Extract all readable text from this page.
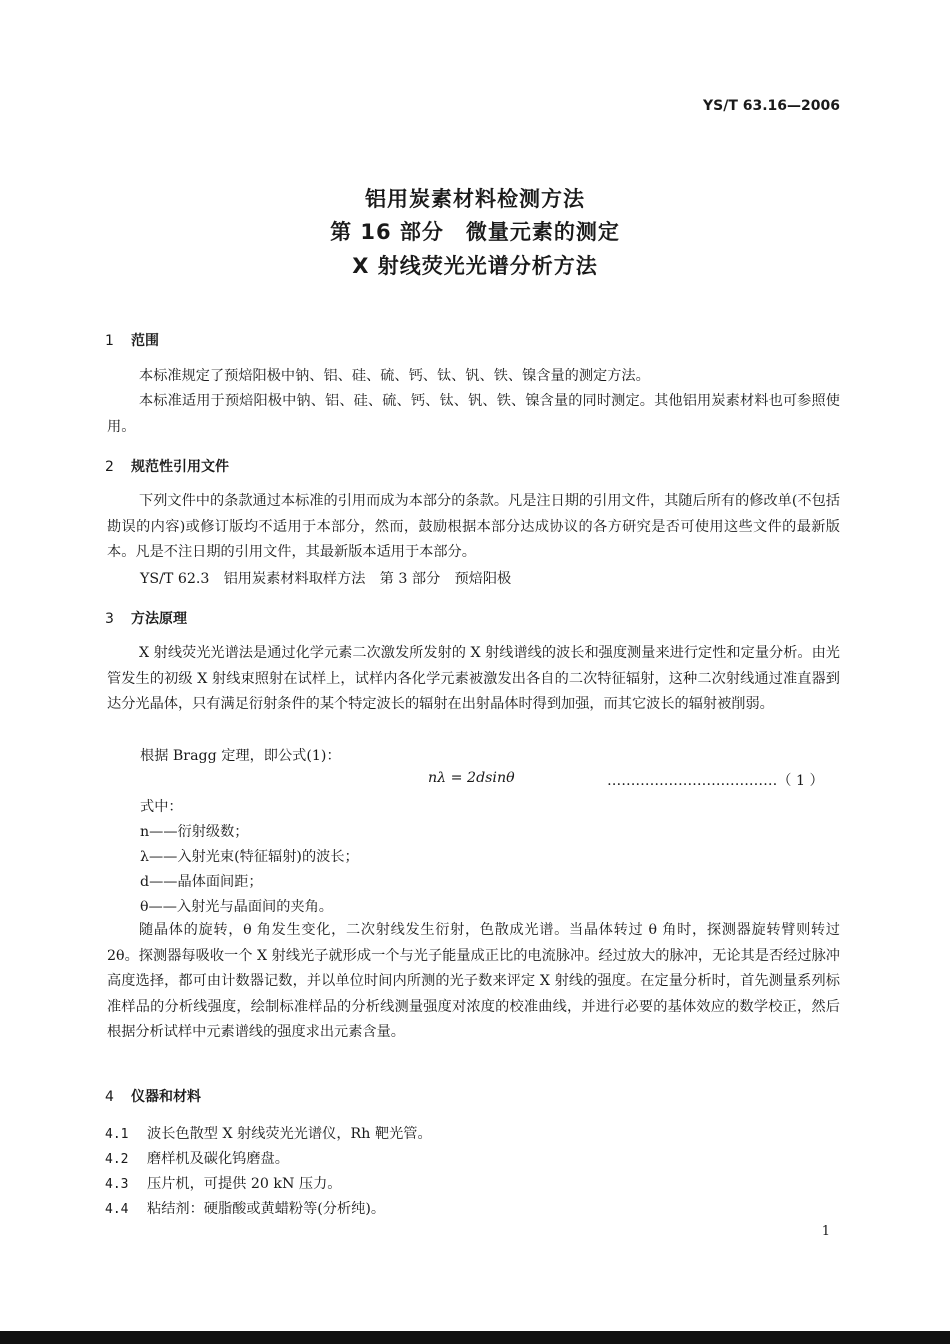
YS/T 63.16—2006
铝用炭素材料检测方法
第 16 部分　微量元素的测定
X 射线荧光光谱分析方法
1 范围

本标准规定了预焙阳极中钠、铝、硅、硫、钙、钛、钒、铁、镍含量的测定方法。

本标准适用于预焙阳极中钠、铝、硅、硫、钙、钛、钒、铁、镍含量的同时测定。其他铝用炭素材料也可参照使用。

2 规范性引用文件

下列文件中的条款通过本标准的引用而成为本部分的条款。凡是注日期的引用文件，其随后所有的修改单(不包括勘误的内容)或修订版均不适用于本部分，然而，鼓励根据本部分达成协议的各方研究是否可使用这些文件的最新版本。凡是不注日期的引用文件，其最新版本适用于本部分。

YS/T 62.3　铝用炭素材料取样方法　第 3 部分　预焙阳极
3 方法原理

X 射线荧光光谱法是通过化学元素二次激发所发射的 X 射线谱线的波长和强度测量来进行定性和定量分析。由光管发生的初级 X 射线束照射在试样上，试样内各化学元素被激发出各自的二次特征辐射，这种二次射线通过准直器到达分光晶体，只有满足衍射条件的某个特定波长的辐射在出射晶体时得到加强，而其它波长的辐射被削弱。

根据 Bragg 定理，即公式(1)：
nλ = 2dsinθ	………………………………（ 1 ）
式中：
n——衍射级数；
λ——入射光束(特征辐射)的波长；
d——晶体面间距；
θ——入射光与晶面间的夹角。

随晶体的旋转，θ 角发生变化，二次射线发生衍射，色散成光谱。当晶体转过 θ 角时，探测器旋转臂则转过 2θ。探测器每吸收一个 X 射线光子就形成一个与光子能量成正比的电流脉冲。经过放大的脉冲，无论其是否经过脉冲高度选择，都可由计数器记数，并以单位时间内所测的光子数来评定 X 射线的强度。在定量分析时，首先测量系列标准样品的分析线强度，绘制标准样品的分析线测量强度对浓度的校准曲线，并进行必要的基体效应的数学校正，然后根据分析试样中元素谱线的强度求出元素含量。

4 仪器和材料
4.1 波长色散型 X 射线荧光光谱仪，Rh 靶光管。
4.2 磨样机及碳化钨磨盘。
4.3 压片机，可提供 20 kN 压力。
4.4 粘结剂：硬脂酸或黄蜡粉等(分析纯)。
1
